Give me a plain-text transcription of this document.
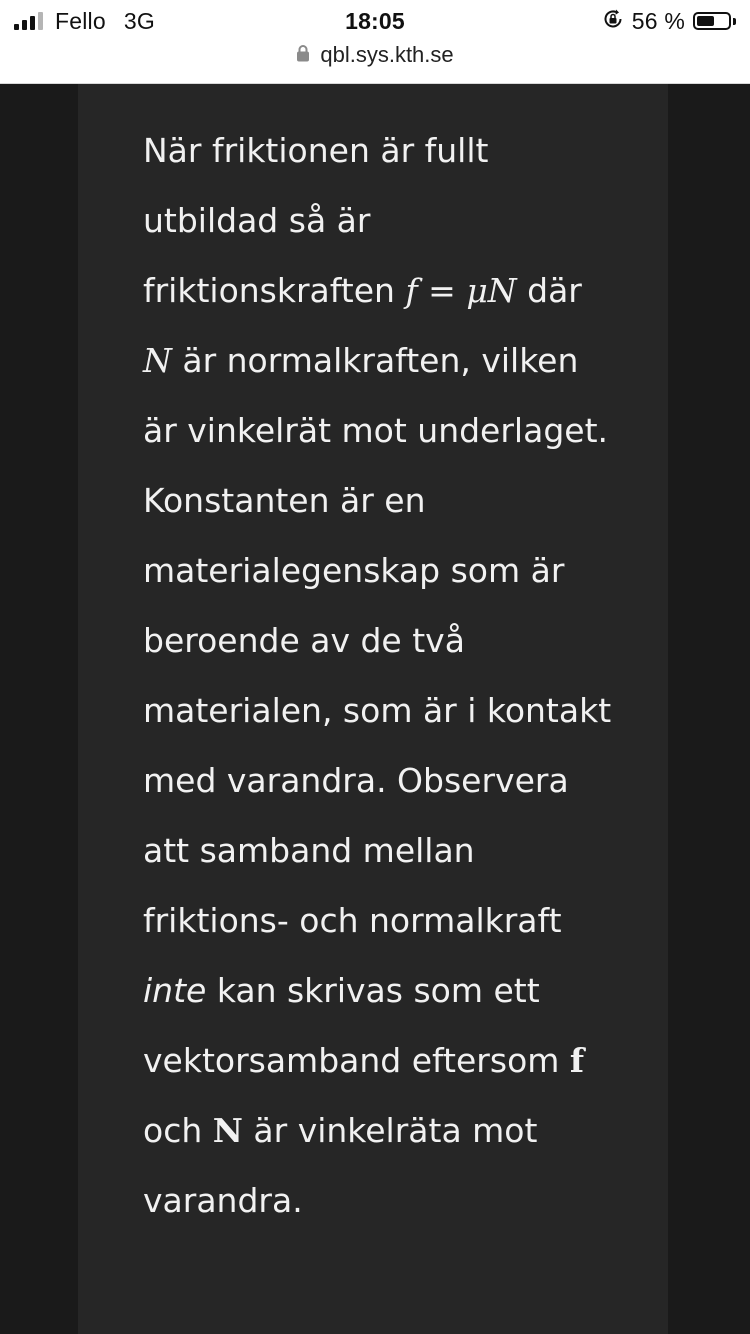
Fello 3G	18:05	56 %
qbl.sys.kth.se

När friktionen är fullt utbildad så är friktionskraften f = μN där N är normalkraften, vilken är vinkelrät mot underlaget. Konstanten är en materialegenskap som är beroende av de två materialen, som är i kontakt med varandra. Observera att samband mellan friktions- och normalkraft inte kan skrivas som ett vektorsamband eftersom f och N är vinkelräta mot varandra.
